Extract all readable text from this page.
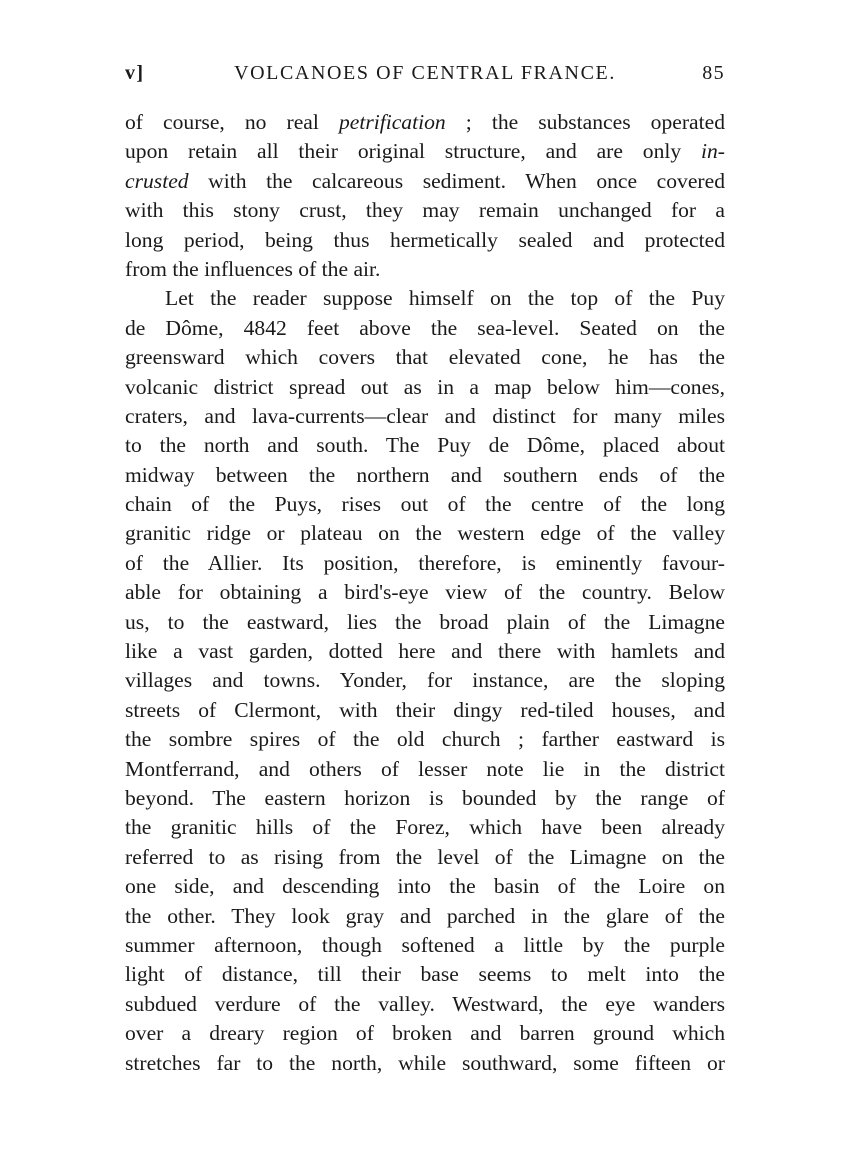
v]	VOLCANOES OF CENTRAL FRANCE.	85
of course, no real petrification ; the substances operated
upon retain all their original structure, and are only in-
crusted with the calcareous sediment. When once covered
with this stony crust, they may remain unchanged for a
long period, being thus hermetically sealed and protected
from the influences of the air.
Let the reader suppose himself on the top of the Puy
de Dôme, 4842 feet above the sea-level. Seated on the
greensward which covers that elevated cone, he has the
volcanic district spread out as in a map below him—cones,
craters, and lava-currents—clear and distinct for many miles
to the north and south. The Puy de Dôme, placed about
midway between the northern and southern ends of the
chain of the Puys, rises out of the centre of the long
granitic ridge or plateau on the western edge of the valley
of the Allier. Its position, therefore, is eminently favour-
able for obtaining a bird's-eye view of the country. Below
us, to the eastward, lies the broad plain of the Limagne
like a vast garden, dotted here and there with hamlets and
villages and towns. Yonder, for instance, are the sloping
streets of Clermont, with their dingy red-tiled houses, and
the sombre spires of the old church ; farther eastward is
Montferrand, and others of lesser note lie in the district
beyond. The eastern horizon is bounded by the range of
the granitic hills of the Forez, which have been already
referred to as rising from the level of the Limagne on the
one side, and descending into the basin of the Loire on
the other. They look gray and parched in the glare of the
summer afternoon, though softened a little by the purple
light of distance, till their base seems to melt into the
subdued verdure of the valley. Westward, the eye wanders
over a dreary region of broken and barren ground which
stretches far to the north, while southward, some fifteen or
